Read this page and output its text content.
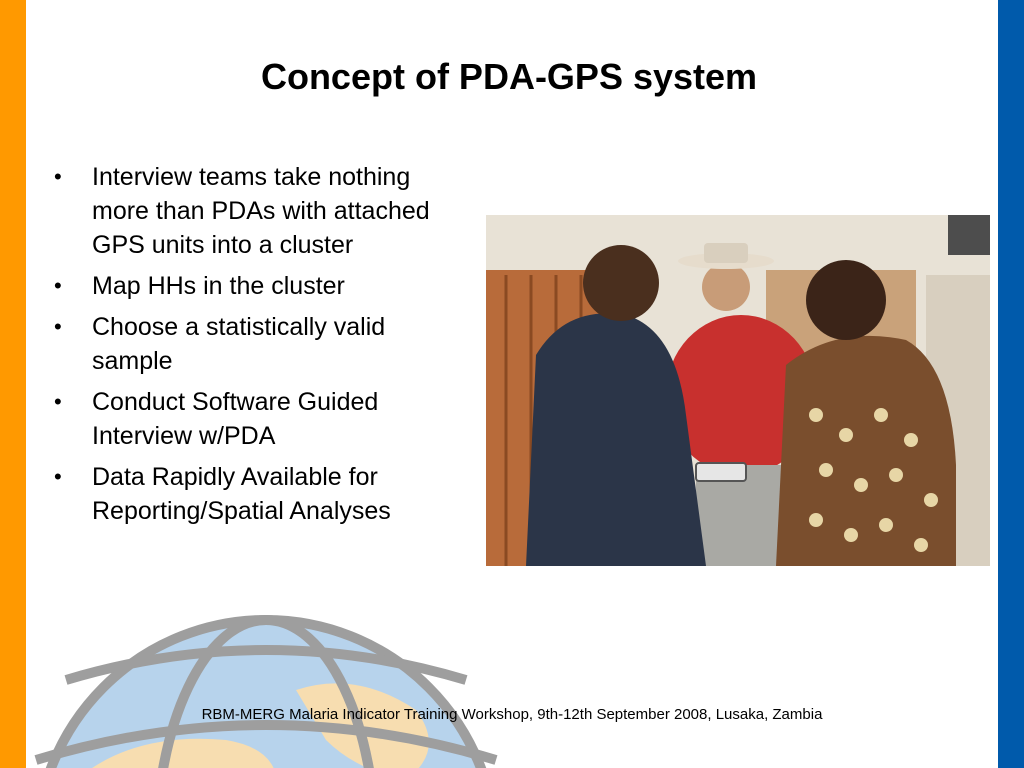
Concept of PDA-GPS system
• Interview teams take nothing more than PDAs with attached GPS units into a cluster
• Map HHs in the cluster
• Choose a statistically valid sample
• Conduct Software Guided Interview w/PDA
• Data Rapidly Available for Reporting/Spatial Analyses
RBM-MERG Malaria Indicator Training Workshop, 9th-12th September 2008, Lusaka, Zambia
